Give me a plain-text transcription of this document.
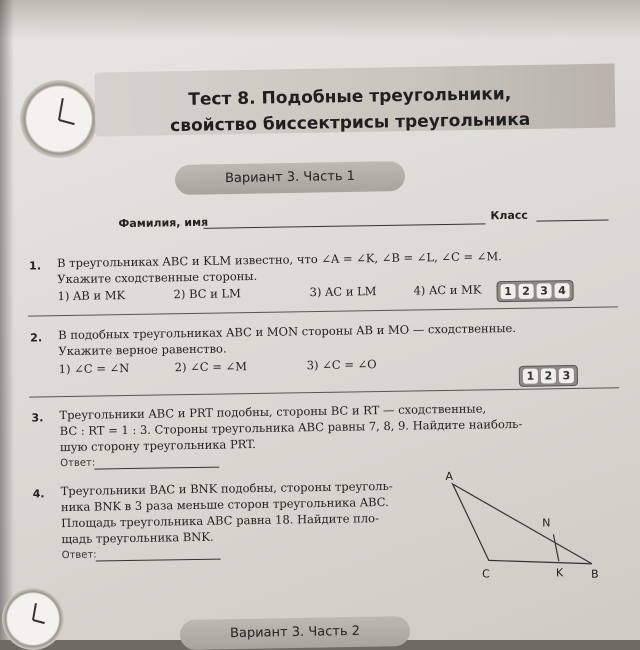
Тест 8. Подобные треугольники,
свойство биссектрисы треугольника
Вариант 3. Часть 1
Фамилия, имя
Класс
1. В треугольниках ABC и KLM известно, что ∠A = ∠K, ∠B = ∠L, ∠C = ∠M.
Укажите сходственные стороны.
1) AB и MK	2) BC и LM	3) AC и LM	4) AC и MK	1 2 3 4
2. В подобных треугольниках ABC и MON стороны AB и MO — сходственные.
Укажите верное равенство.
1) ∠C = ∠N	2) ∠C = ∠M	3) ∠C = ∠O
1 2 3
3. Треугольники ABC и PRT подобны, стороны BC и RT — сходственные,
BC : RT = 1 : 3. Стороны треугольника ABC равны 7, 8, 9. Найдите наиболь-
шую сторону треугольника PRT.
Ответ:
4. Треугольники BAC и BNK подобны, стороны треуголь-
ника BNK в 3 раза меньше сторон треугольника ABC.
Площадь треугольника ABC равна 18. Найдите пло-
щадь треугольника BNK.
Ответ:
A
N
C	K	B
Вариант 3. Часть 2
